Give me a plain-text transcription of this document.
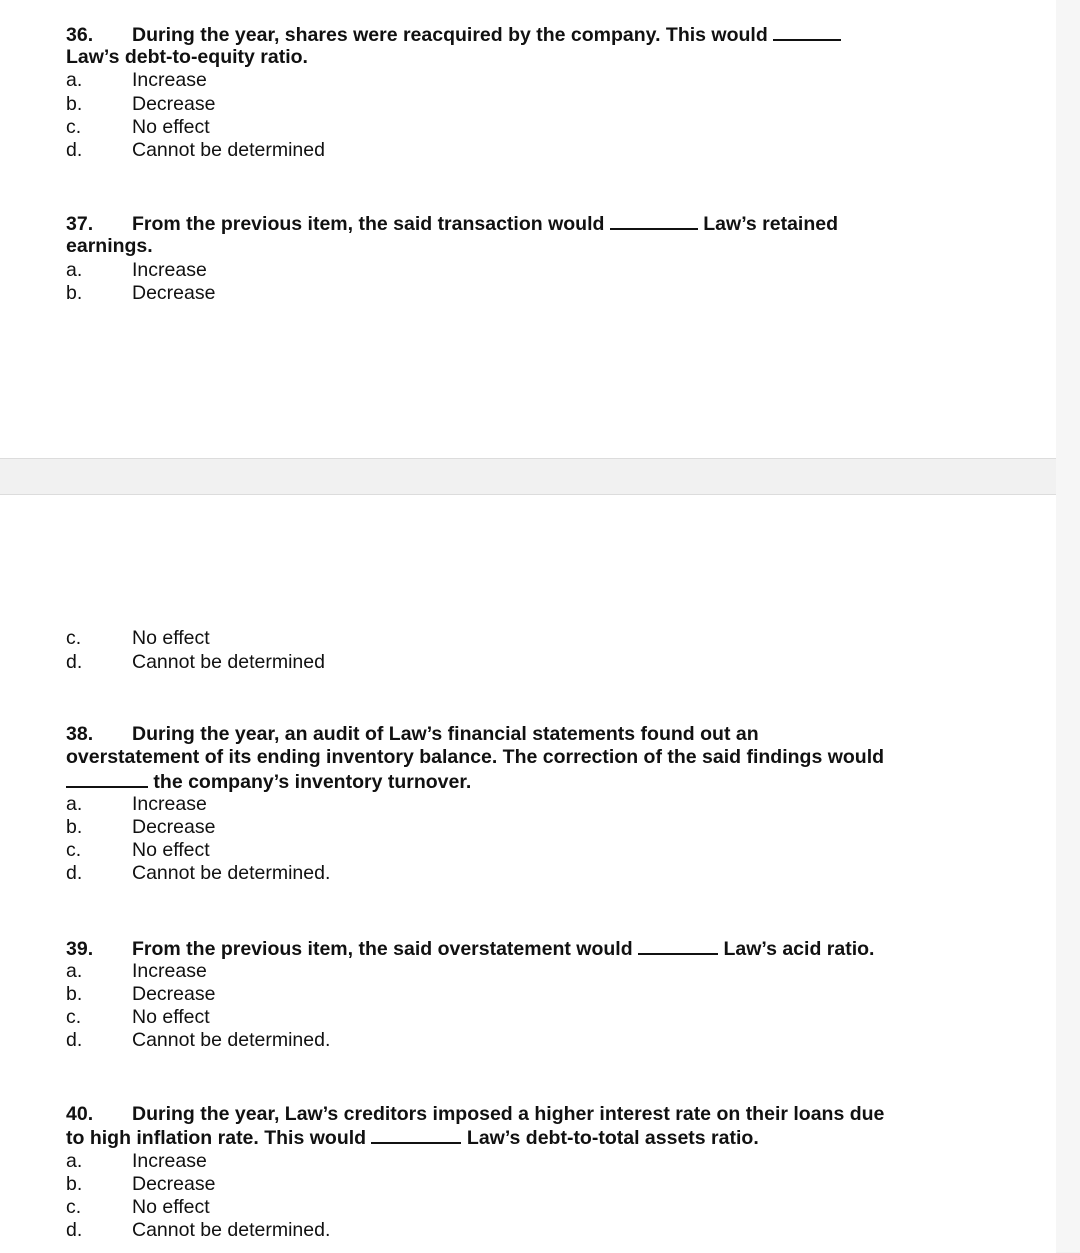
36. During the year, shares were reacquired by the company. This would
Law’s debt-to-equity ratio.
a.	Increase
b.	Decrease
c.	No effect
d.	Cannot be determined
37. From the previous item, the said transaction would	Law’s retained
earnings.
a.	Increase
b.	Decrease
c.	No effect
d.	Cannot be determined
38. During the year, an audit of Law’s financial statements found out an
overstatement of its ending inventory balance. The correction of the said findings would
the company’s inventory turnover.
a.	Increase
b.	Decrease
c.	No effect
d.	Cannot be determined.
39. From the previous item, the said overstatement would	Law’s acid ratio.
a.	Increase
b.	Decrease
c.	No effect
d.	Cannot be determined.
40. During the year, Law’s creditors imposed a higher interest rate on their loans due
to high inflation rate. This would	Law’s debt-to-total assets ratio.
a.	Increase
b.	Decrease
c.	No effect
d.	Cannot be determined.
